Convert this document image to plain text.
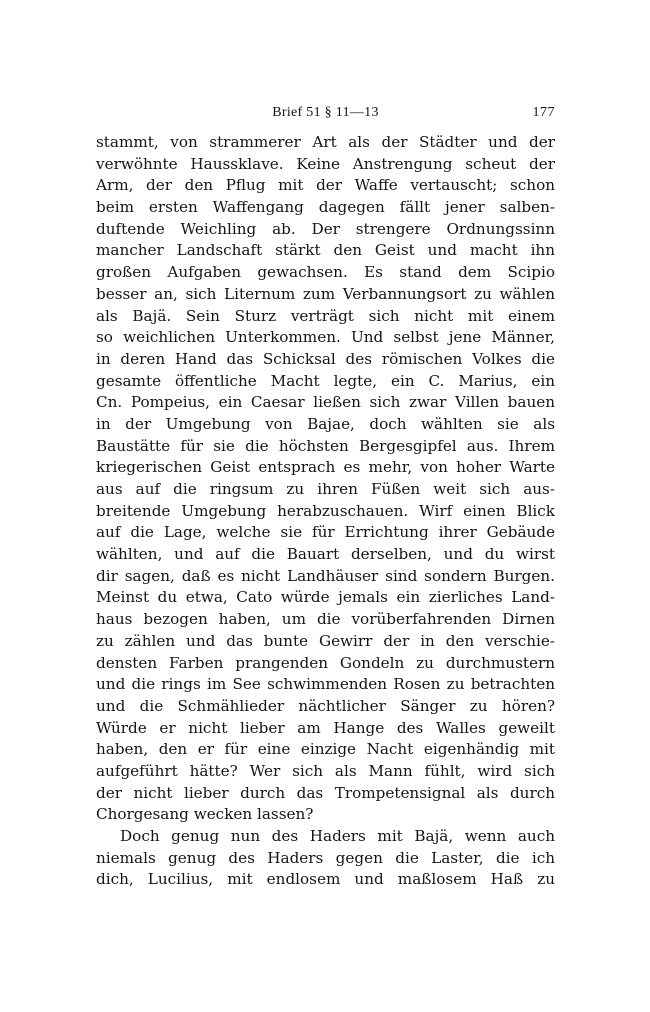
Brief 51 § 11—13	177
stammt, von strammerer Art als der Städter und der
verwöhnte Haussklave. Keine Anstrengung scheut der
Arm, der den Pflug mit der Waffe vertauscht; schon
beim ersten Waffengang dagegen fällt jener salben-
duftende Weichling ab. Der strengere Ordnungssinn
mancher Landschaft stärkt den Geist und macht ihn
großen Aufgaben gewachsen. Es stand dem Scipio
besser an, sich Liternum zum Verbannungsort zu wählen
als Bajä. Sein Sturz verträgt sich nicht mit einem
so weichlichen Unterkommen. Und selbst jene Männer,
in deren Hand das Schicksal des römischen Volkes die
gesamte öffentliche Macht legte, ein C. Marius, ein
Cn. Pompeius, ein Caesar ließen sich zwar Villen bauen
in der Umgebung von Bajae, doch wählten sie als
Baustätte für sie die höchsten Bergesgipfel aus. Ihrem
kriegerischen Geist entsprach es mehr, von hoher Warte
aus auf die ringsum zu ihren Füßen weit sich aus-
breitende Umgebung herabzuschauen. Wirf einen Blick
auf die Lage, welche sie für Errichtung ihrer Gebäude
wählten, und auf die Bauart derselben, und du wirst
dir sagen, daß es nicht Landhäuser sind sondern Burgen.
Meinst du etwa, Cato würde jemals ein zierliches Land-
haus bezogen haben, um die vorüberfahrenden Dirnen
zu zählen und das bunte Gewirr der in den verschie-
densten Farben prangenden Gondeln zu durchmustern
und die rings im See schwimmenden Rosen zu betrachten
und die Schmählieder nächtlicher Sänger zu hören?
Würde er nicht lieber am Hange des Walles geweilt
haben, den er für eine einzige Nacht eigenhändig mit
aufgeführt hätte? Wer sich als Mann fühlt, wird sich
der nicht lieber durch das Trompetensignal als durch
Chorgesang wecken lassen?
Doch genug nun des Haders mit Bajä, wenn auch
niemals genug des Haders gegen die Laster, die ich
dich, Lucilius, mit endlosem und maßlosem Haß zu
